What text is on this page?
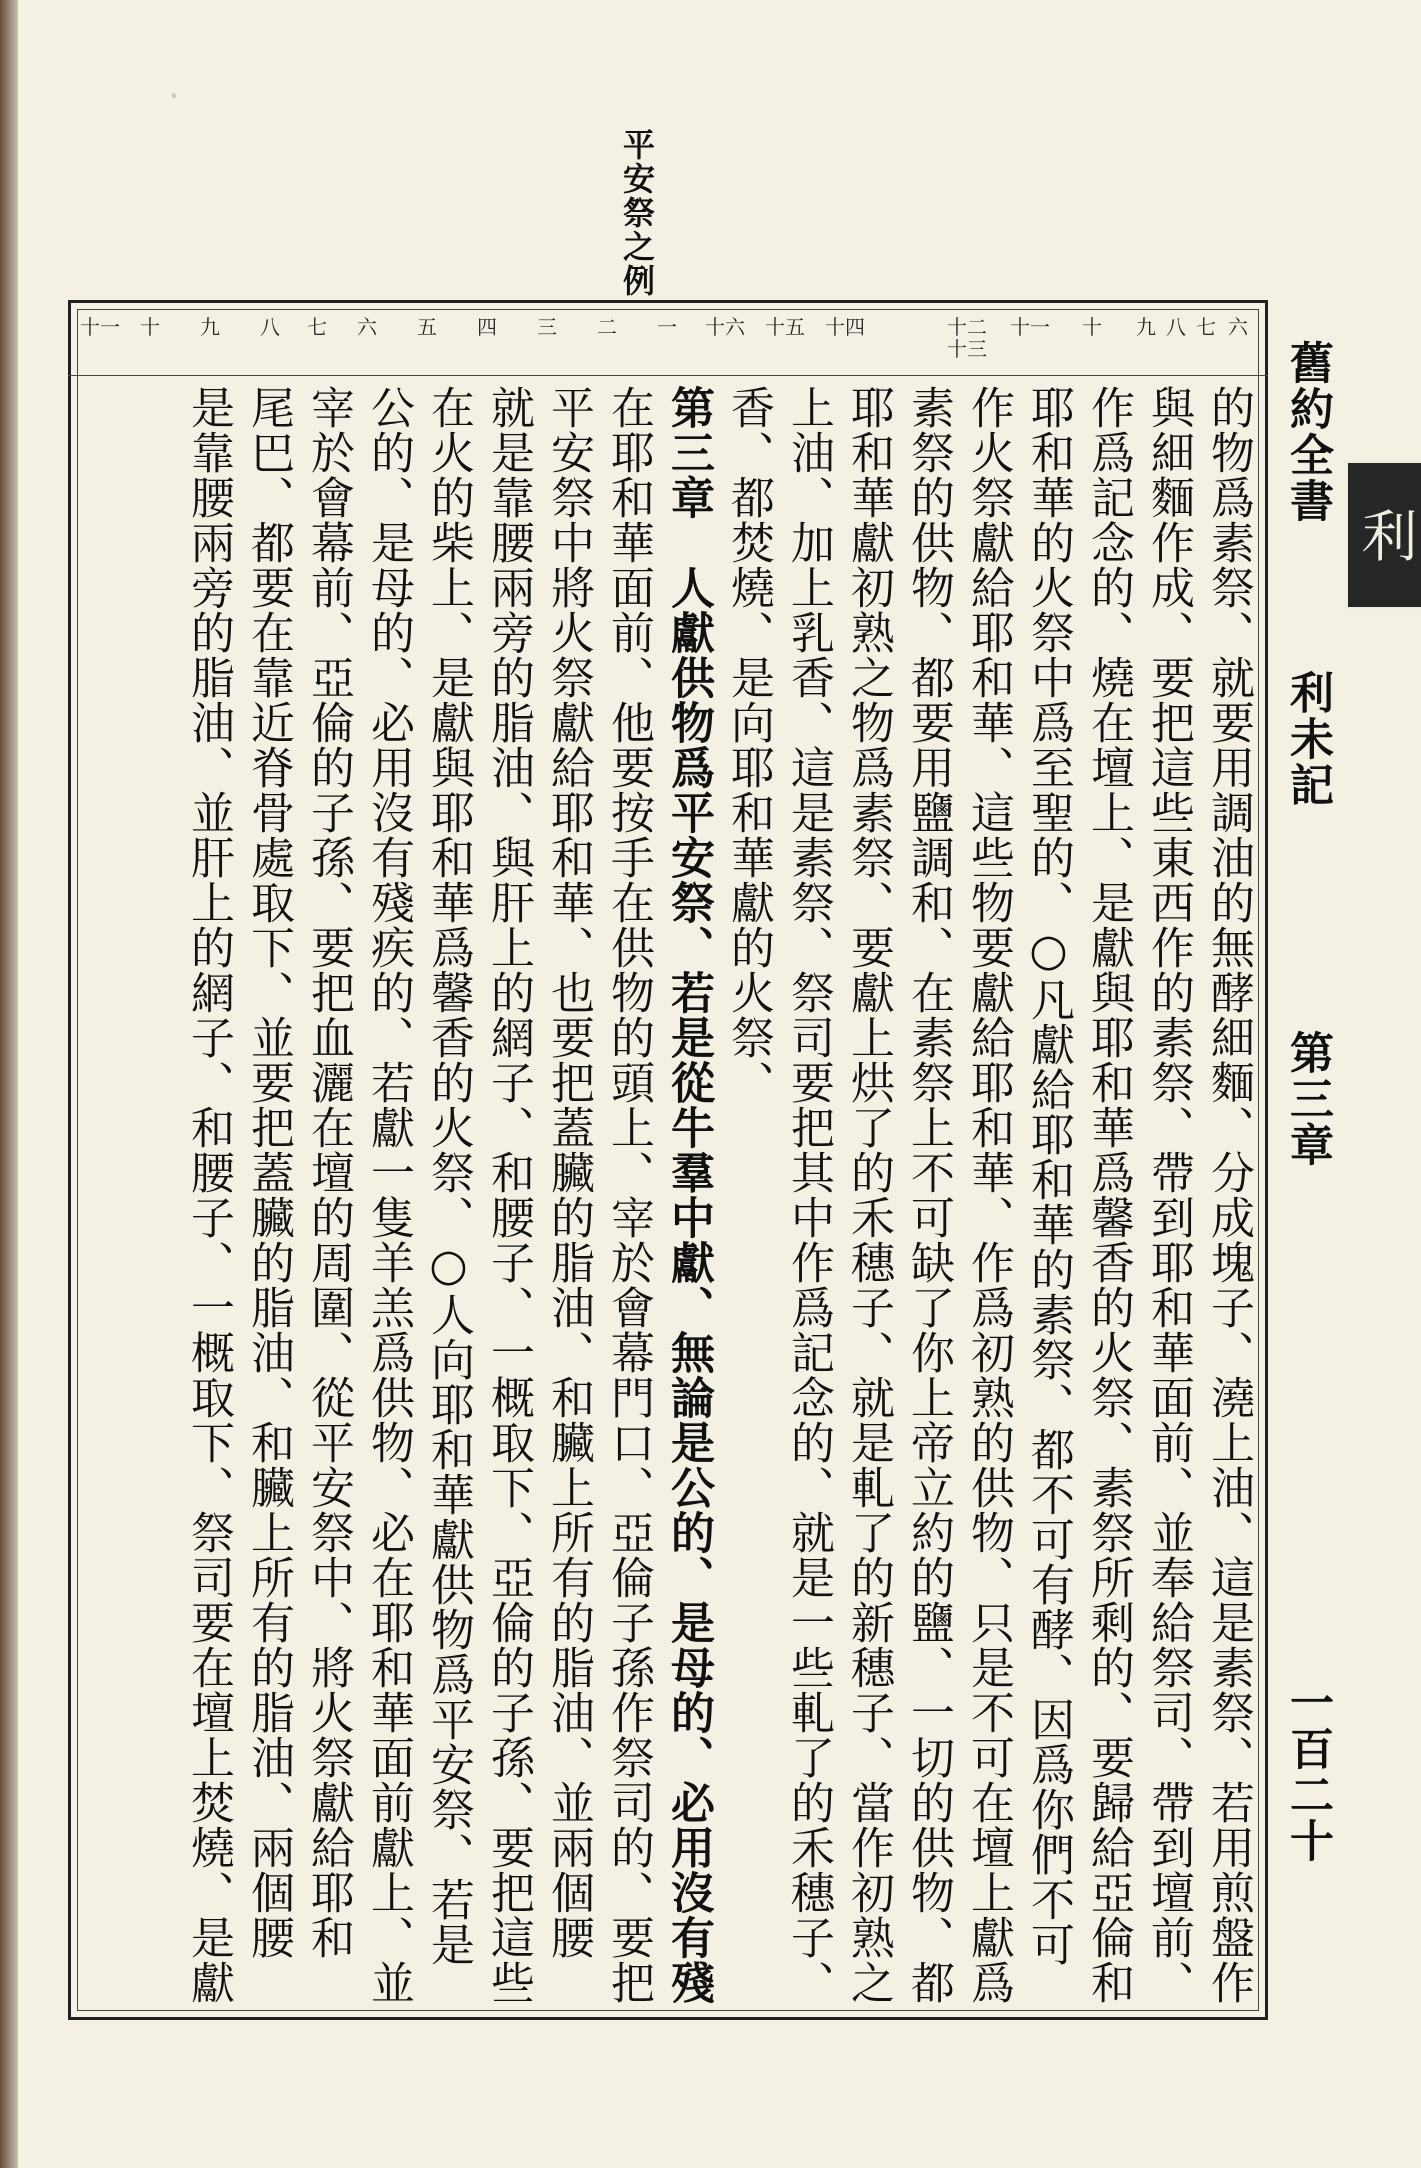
·
利
平安祭之例
舊約全書
利未記
第三章
一百二十
六
七
八
九
十
十一
十二十三
十四
十五
十六
一
二
三
四
五
六
七
八
九
十
十一
的物爲素祭、就要用調油的無酵細麵、分成塊子、澆上油、這是素祭、若用煎盤作
與細麵作成、要把這些東西作的素祭、帶到耶和華面前、並奉給祭司、帶到壇前、
作爲記念的、燒在壇上、是獻與耶和華爲馨香的火祭、素祭所剩的、要歸給亞倫和
耶和華的火祭中爲至聖的、○凡獻給耶和華的素祭、都不可有酵、因爲你們不可
作火祭獻給耶和華、這些物要獻給耶和華、作爲初熟的供物、只是不可在壇上獻爲
素祭的供物、都要用鹽調和、在素祭上不可缺了你上帝立約的鹽、一切的供物、都
耶和華獻初熟之物爲素祭、要獻上烘了的禾穗子、就是軋了的新穗子、當作初熟之
上油、加上乳香、這是素祭、祭司要把其中作爲記念的、就是一些軋了的禾穗子、
香、都焚燒、是向耶和華獻的火祭、
第三章　人獻供物爲平安祭、若是從牛羣中獻、無論是公的、是母的、必用沒有殘
在耶和華面前、他要按手在供物的頭上、宰於會幕門口、亞倫子孫作祭司的、要把
平安祭中將火祭獻給耶和華、也要把蓋臟的脂油、和臟上所有的脂油、並兩個腰
就是靠腰兩旁的脂油、與肝上的網子、和腰子、一概取下、亞倫的子孫、要把這些
在火的柴上、是獻與耶和華爲馨香的火祭、○人向耶和華獻供物爲平安祭、若是
公的、是母的、必用沒有殘疾的、若獻一隻羊羔爲供物、必在耶和華面前獻上、並
宰於會幕前、亞倫的子孫、要把血灑在壇的周圍、從平安祭中、將火祭獻給耶和
尾巴、都要在靠近脊骨處取下、並要把蓋臟的脂油、和臟上所有的脂油、兩個腰
是靠腰兩旁的脂油、並肝上的網子、和腰子、一概取下、祭司要在壇上焚燒、是獻
